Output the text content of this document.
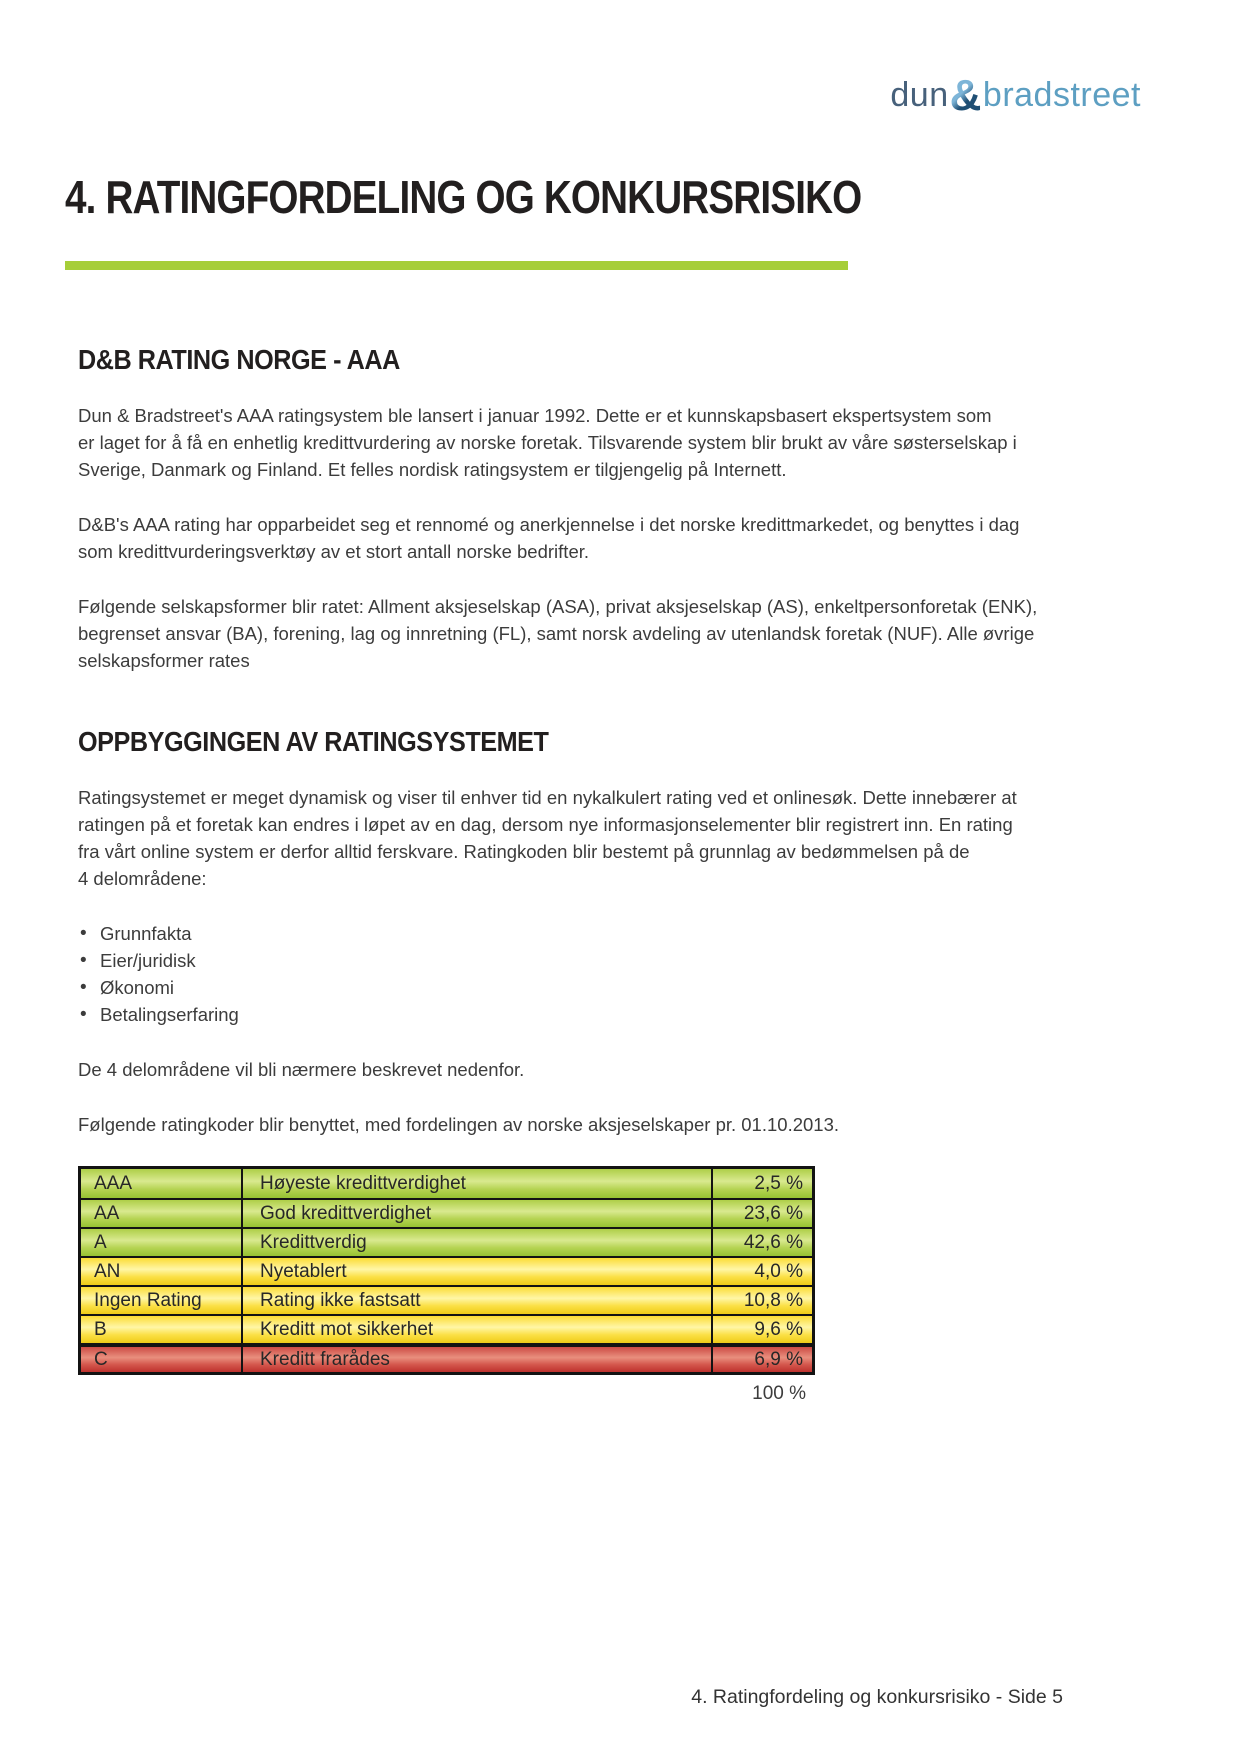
dun&bradstreet
4. RATINGFORDELING OG KONKURSRISIKO
D&B RATING NORGE - AAA

Dun & Bradstreet's AAA ratingsystem ble lansert i januar 1992. Dette er et kunnskapsbasert ekspertsystem som
er laget for å få en enhetlig kredittvurdering av norske foretak. Tilsvarende system blir brukt av våre søsterselskap i
Sverige, Danmark og Finland. Et felles nordisk ratingsystem er tilgjengelig på Internett.

D&B's AAA rating har opparbeidet seg et rennomé og anerkjennelse i det norske kredittmarkedet, og benyttes i dag
som kredittvurderingsverktøy av et stort antall norske bedrifter.

Følgende selskapsformer blir ratet: Allment aksjeselskap (ASA), privat aksjeselskap (AS), enkeltpersonforetak (ENK),
begrenset ansvar (BA), forening, lag og innretning (FL), samt norsk avdeling av utenlandsk foretak (NUF). Alle øvrige
selskapsformer rates

OPPBYGGINGEN AV RATINGSYSTEMET

Ratingsystemet er meget dynamisk og viser til enhver tid en nykalkulert rating ved et onlinesøk. Dette innebærer at
ratingen på et foretak kan endres i løpet av en dag, dersom nye informasjonselementer blir registrert inn. En rating
fra vårt online system er derfor alltid ferskvare. Ratingkoden blir bestemt på grunnlag av bedømmelsen på de
4 delområdene:

• Grunnfakta
• Eier/juridisk
• Økonomi
• Betalingserfaring

De 4 delområdene vil bli nærmere beskrevet nedenfor.

Følgende ratingkoder blir benyttet, med fordelingen av norske aksjeselskaper pr. 01.10.2013.

AAA	Høyeste kredittverdighet	2,5 %
AA	God kredittverdighet	23,6 %
A	Kredittverdig	42,6 %
AN	Nyetablert	4,0 %
Ingen Rating	Rating ikke fastsatt	10,8 %
B	Kreditt mot sikkerhet	9,6 %
C	Kreditt frarådes	6,9 %
100 %
4. Ratingfordeling og konkursrisiko - Side 5
